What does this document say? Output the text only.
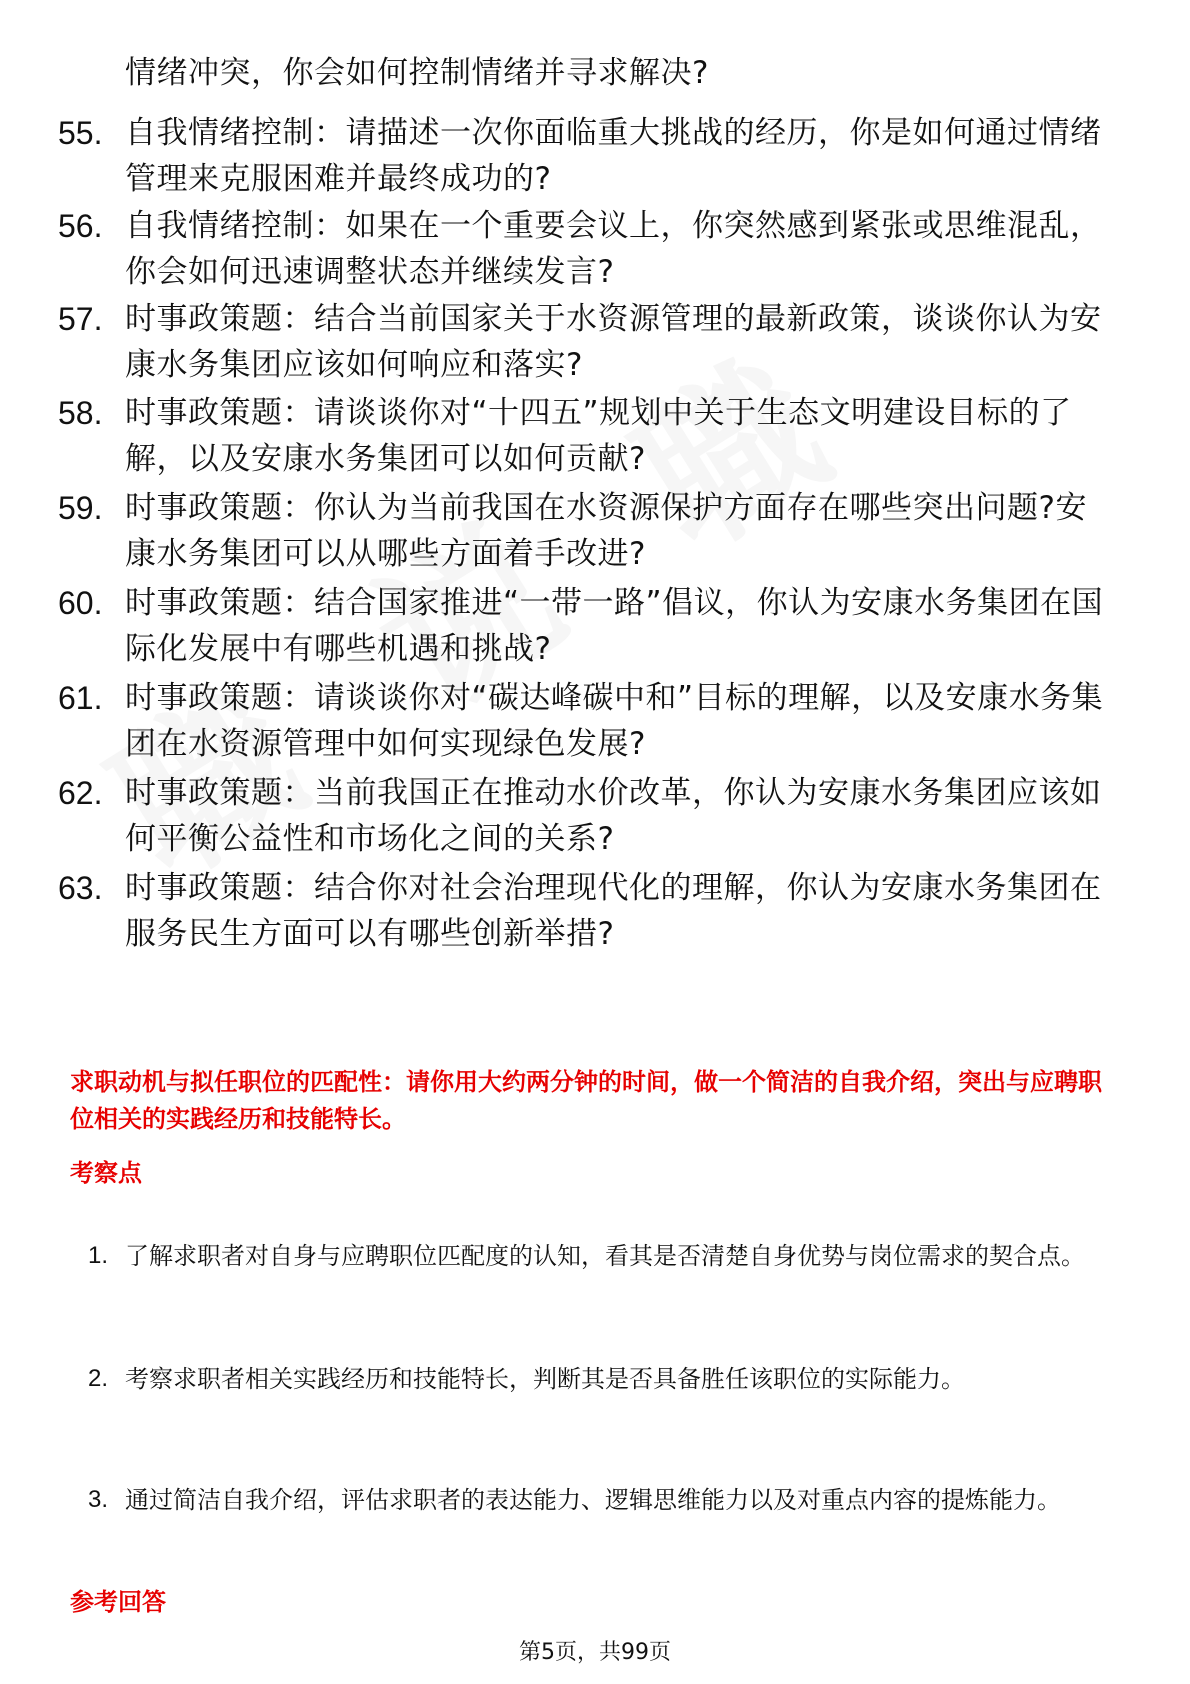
情绪冲突，你会如何控制情绪并寻求解决?
55. 自我情绪控制：请描述一次你面临重大挑战的经历，你是如何通过情绪管理来克服困难并最终成功的?
56. 自我情绪控制：如果在一个重要会议上，你突然感到紧张或思维混乱，你会如何迅速调整状态并继续发言?
57. 时事政策题：结合当前国家关于水资源管理的最新政策，谈谈你认为安康水务集团应该如何响应和落实?
58. 时事政策题：请谈谈你对“十四五”规划中关于生态文明建设目标的了解，以及安康水务集团可以如何贡献?
59. 时事政策题：你认为当前我国在水资源保护方面存在哪些突出问题?安康水务集团可以从哪些方面着手改进?
60. 时事政策题：结合国家推进“一带一路”倡议，你认为安康水务集团在国际化发展中有哪些机遇和挑战?
61. 时事政策题：请谈谈你对“碳达峰碳中和”目标的理解，以及安康水务集团在水资源管理中如何实现绿色发展?
62. 时事政策题：当前我国正在推动水价改革，你认为安康水务集团应该如何平衡公益性和市场化之间的关系?
63. 时事政策题：结合你对社会治理现代化的理解，你认为安康水务集团在服务民生方面可以有哪些创新举措?
求职动机与拟任职位的匹配性：请你用大约两分钟的时间，做一个简洁的自我介绍，突出与应聘职位相关的实践经历和技能特长。
考察点
1. 了解求职者对自身与应聘职位匹配度的认知，看其是否清楚自身优势与岗位需求的契合点。
2. 考察求职者相关实践经历和技能特长，判断其是否具备胜任该职位的实际能力。
3. 通过简洁自我介绍，评估求职者的表达能力、逻辑思维能力以及对重点内容的提炼能力。
参考回答
第5页，共99页
